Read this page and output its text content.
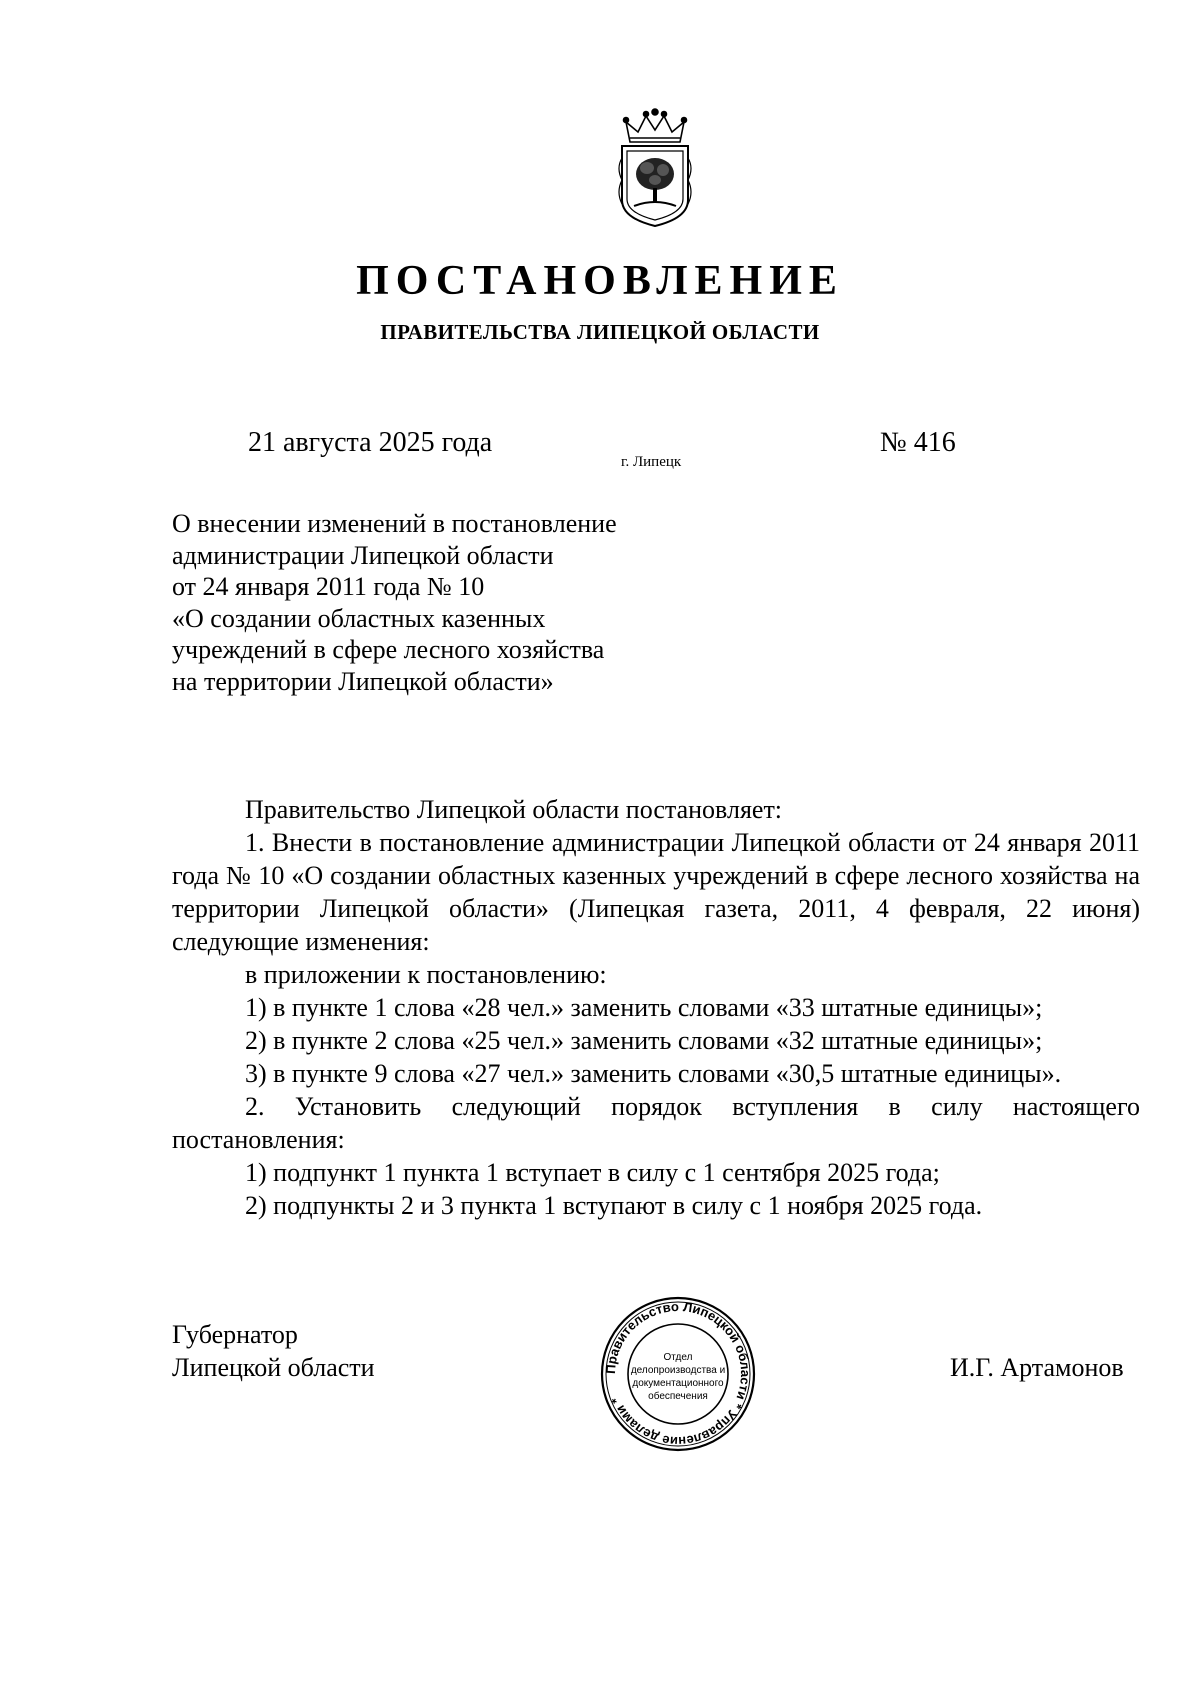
ПОСТАНОВЛЕНИЕ
ПРАВИТЕЛЬСТВА ЛИПЕЦКОЙ ОБЛАСТИ
21 августа 2025 года
г. Липецк
№ 416
О внесении изменений в постановление
администрации Липецкой области
от 24 января 2011 года № 10
«О создании областных казенных
учреждений в сфере лесного хозяйства
на территории Липецкой области»

Правительство Липецкой области постановляет:

1. Внести в постановление администрации Липецкой области от 24 января 2011 года № 10 «О создании областных казенных учреждений в сфере лесного хозяйства на территории Липецкой области» (Липецкая газета, 2011, 4 февраля, 22 июня) следующие изменения:

в приложении к постановлению:

1) в пункте 1 слова «28 чел.» заменить словами «33 штатные единицы»;

2) в пункте 2 слова «25 чел.» заменить словами «32 штатные единицы»;

3) в пункте 9 слова «27 чел.» заменить словами «30,5 штатные единицы».

2. Установить следующий порядок вступления в силу настоящего постановления:

1) подпункт 1 пункта 1 вступает в силу с 1 сентября 2025 года;

2) подпункты 2 и 3 пункта 1 вступают в силу с 1 ноября 2025 года.

Губернатор
Липецкой области	И.Г. Артамонов
Правительство Липецкой области * Управление делами *
Отдел
делопроизводства и
документационного
обеспечения
